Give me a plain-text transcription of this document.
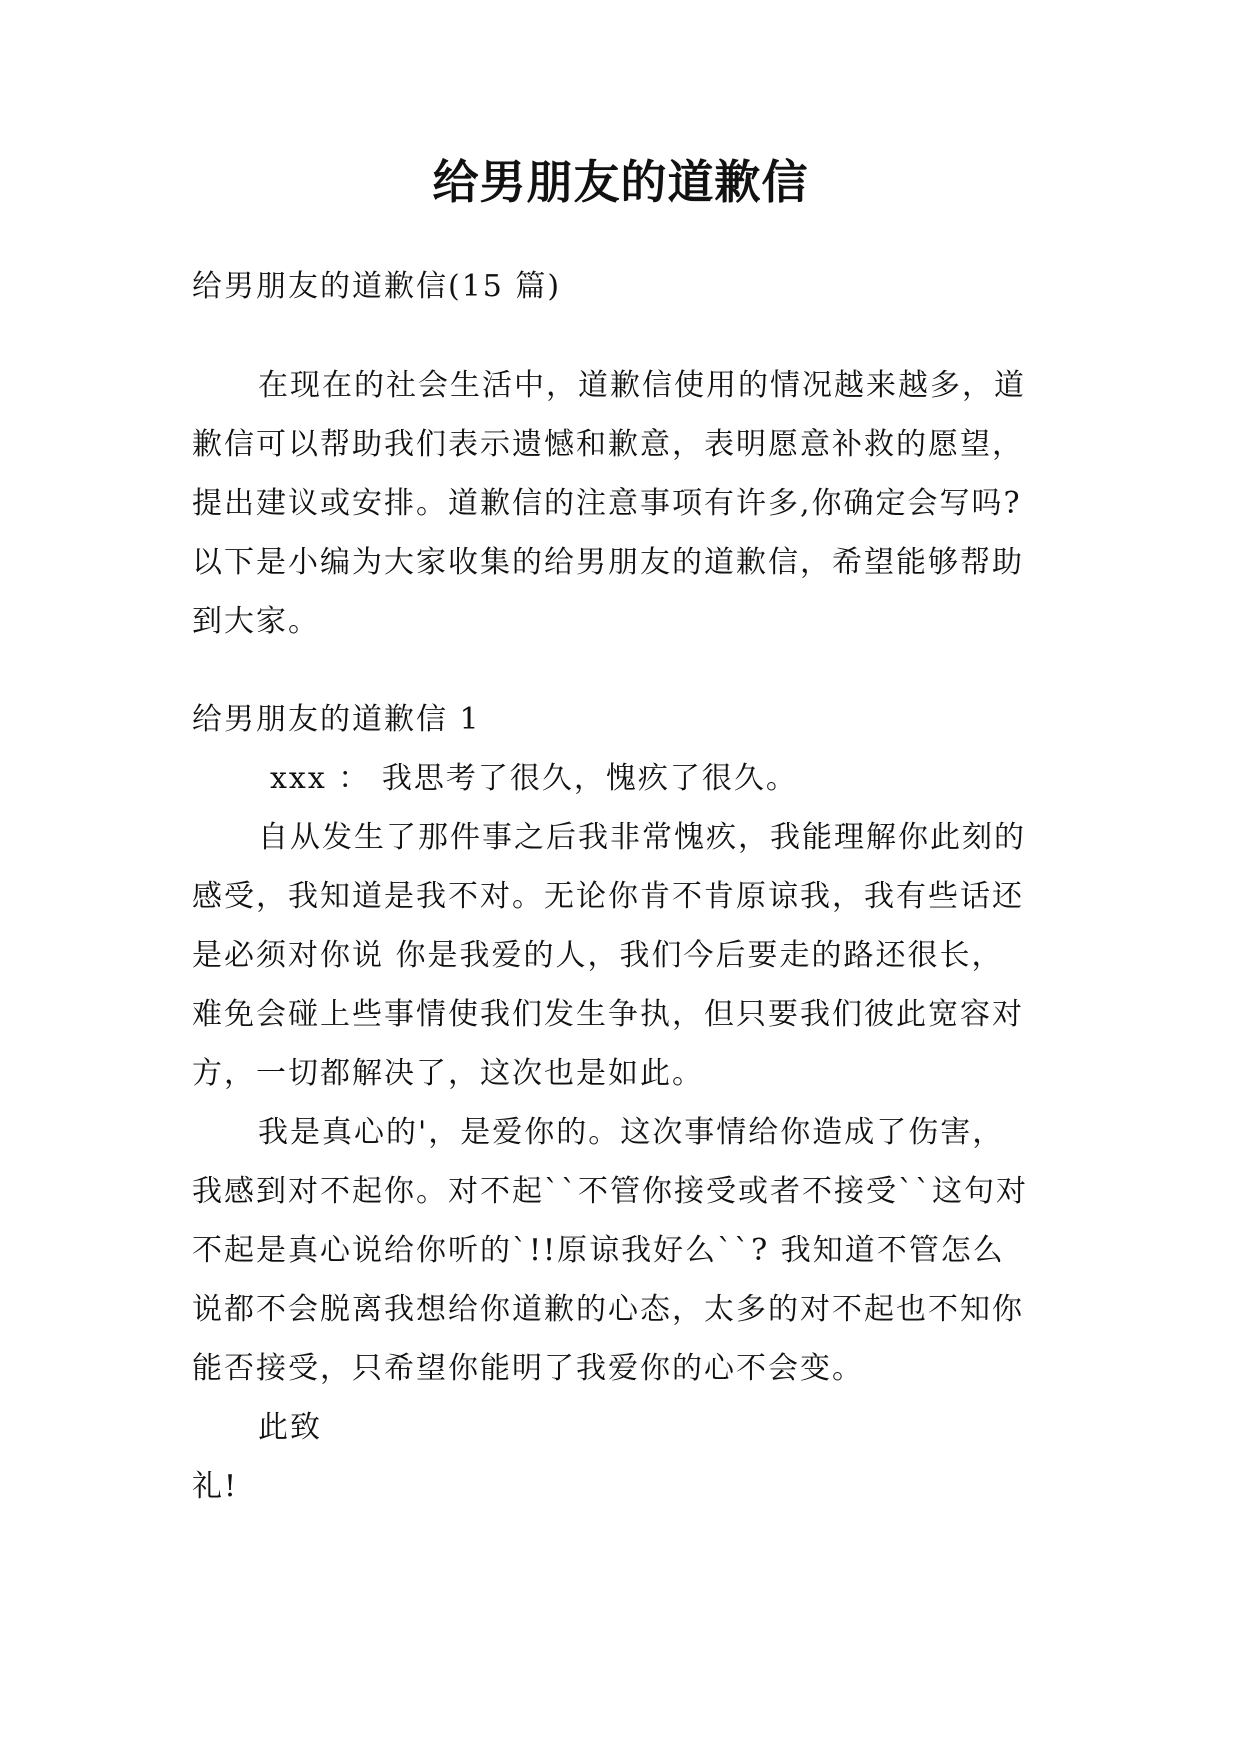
给男朋友的道歉信
给男朋友的道歉信(15 篇)
在现在的社会生活中，道歉信使用的情况越来越多，道
歉信可以帮助我们表示遗憾和歉意，表明愿意补救的愿望，
提出建议或安排。道歉信的注意事项有许多,你确定会写吗?
以下是小编为大家收集的给男朋友的道歉信，希望能够帮助
到大家。
给男朋友的道歉信 1
xxx ： 我思考了很久，愧疚了很久。
自从发生了那件事之后我非常愧疚，我能理解你此刻的
感受，我知道是我不对。无论你肯不肯原谅我，我有些话还
是必须对你说 你是我爱的人，我们今后要走的路还很长，
难免会碰上些事情使我们发生争执，但只要我们彼此宽容对
方，一切都解决了，这次也是如此。
我是真心的'，是爱你的。这次事情给你造成了伤害，
我感到对不起你。对不起``不管你接受或者不接受``这句对
不起是真心说给你听的`!!原谅我好么``? 我知道不管怎么
说都不会脱离我想给你道歉的心态，太多的对不起也不知你
能否接受，只希望你能明了我爱你的心不会变。
此致
礼!
